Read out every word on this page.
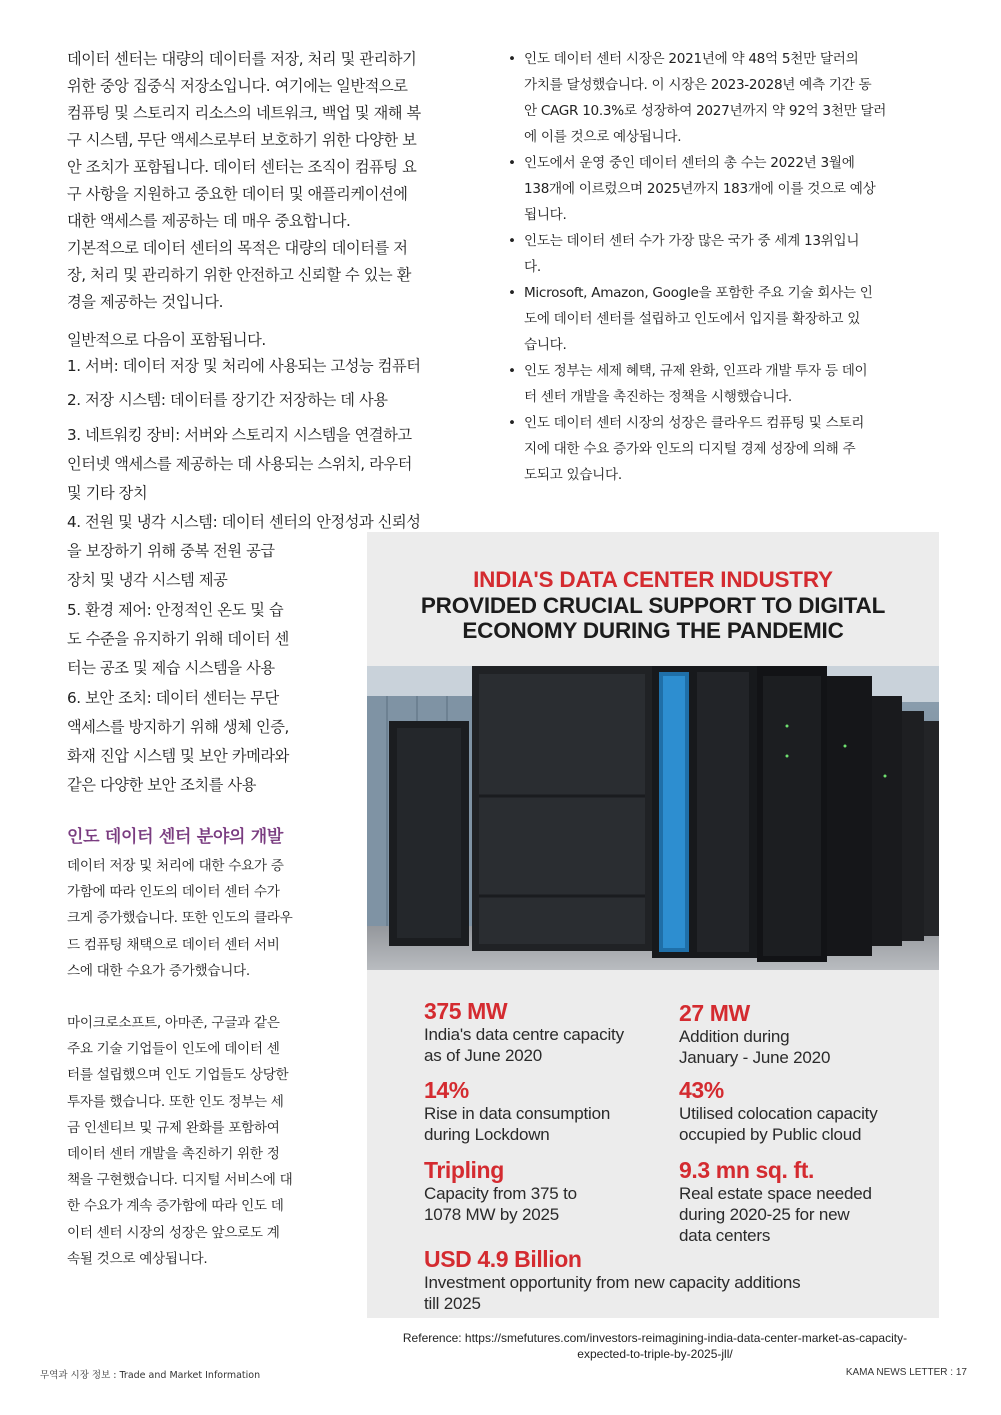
데이터 센터는 대량의 데이터를 저장, 처리 및 관리하기
위한 중앙 집중식 저장소입니다. 여기에는 일반적으로
컴퓨팅 및 스토리지 리소스의 네트워크, 백업 및 재해 복
구 시스템, 무단 액세스로부터 보호하기 위한 다양한 보
안 조치가 포함됩니다. 데이터 센터는 조직이 컴퓨팅 요
구 사항을 지원하고 중요한 데이터 및 애플리케이션에
대한 액세스를 제공하는 데 매우 중요합니다.

기본적으로 데이터 센터의 목적은 대량의 데이터를 저
장, 처리 및 관리하기 위한 안전하고 신뢰할 수 있는 환
경을 제공하는 것입니다.

일반적으로 다음이 포함됩니다.
1. 서버: 데이터 저장 및 처리에 사용되는 고성능 컴퓨터
2. 저장 시스템: 데이터를 장기간 저장하는 데 사용
3. 네트워킹 장비: 서버와 스토리지 시스템을 연결하고
인터넷 액세스를 제공하는 데 사용되는 스위치, 라우터
및 기타 장치
4. 전원 및 냉각 시스템: 데이터 센터의 안정성과 신뢰성
을 보장하기 위해 중복 전원 공급
장치 및 냉각 시스템 제공
5. 환경 제어: 안정적인 온도 및 습
도 수준을 유지하기 위해 데이터 센
터는 공조 및 제습 시스템을 사용
6. 보안 조치: 데이터 센터는 무단
액세스를 방지하기 위해 생체 인증,
화재 진압 시스템 및 보안 카메라와
같은 다양한 보안 조치를 사용
인도 데이터 센터 분야의 개발
데이터 저장 및 처리에 대한 수요가 증
가함에 따라 인도의 데이터 센터 수가
크게 증가했습니다. 또한 인도의 클라우
드 컴퓨팅 채택으로 데이터 센터 서비
스에 대한 수요가 증가했습니다.
마이크로소프트, 아마존, 구글과 같은
주요 기술 기업들이 인도에 데이터 센
터를 설립했으며 인도 기업들도 상당한
투자를 했습니다. 또한 인도 정부는 세
금 인센티브 및 규제 완화를 포함하여
데이터 센터 개발을 촉진하기 위한 정
책을 구현했습니다. 디지털 서비스에 대
한 수요가 계속 증가함에 따라 인도 데
이터 센터 시장의 성장은 앞으로도 계
속될 것으로 예상됩니다.
• 인도 데이터 센터 시장은 2021년에 약 48억 5천만 달러의
가치를 달성했습니다. 이 시장은 2023-2028년 예측 기간 동
안 CAGR 10.3%로 성장하여 2027년까지 약 92억 3천만 달러
에 이를 것으로 예상됩니다.
• 인도에서 운영 중인 데이터 센터의 총 수는 2022년 3월에
138개에 이르렀으며 2025년까지 183개에 이를 것으로 예상
됩니다.
• 인도는 데이터 센터 수가 가장 많은 국가 중 세계 13위입니
다.
• Microsoft, Amazon, Google을 포함한 주요 기술 회사는 인
도에 데이터 센터를 설립하고 인도에서 입지를 확장하고 있
습니다.
• 인도 정부는 세제 혜택, 규제 완화, 인프라 개발 투자 등 데이
터 센터 개발을 촉진하는 정책을 시행했습니다.
• 인도 데이터 센터 시장의 성장은 클라우드 컴퓨팅 및 스토리
지에 대한 수요 증가와 인도의 디지털 경제 성장에 의해 주
도되고 있습니다.
INDIA'S DATA CENTER INDUSTRY
PROVIDED CRUCIAL SUPPORT TO DIGITAL
ECONOMY DURING THE PANDEMIC
375 MW
India's data centre capacity
as of June 2020
27 MW
Addition during
January - June 2020
14%
Rise in data consumption
during Lockdown
43%
Utilised colocation capacity
occupied by Public cloud
Tripling
Capacity from 375 to
1078 MW by 2025
9.3 mn sq. ft.
Real estate space needed
during 2020-25 for new
data centers
USD 4.9 Billion
Investment opportunity from new capacity additions
till 2025
Reference: https://smefutures.com/investors-reimagining-india-data-center-market-as-capacity-
expected-to-triple-by-2025-jll/
무역과 시장 정보 : Trade and Market Information	KAMA NEWS LETTER : 17
